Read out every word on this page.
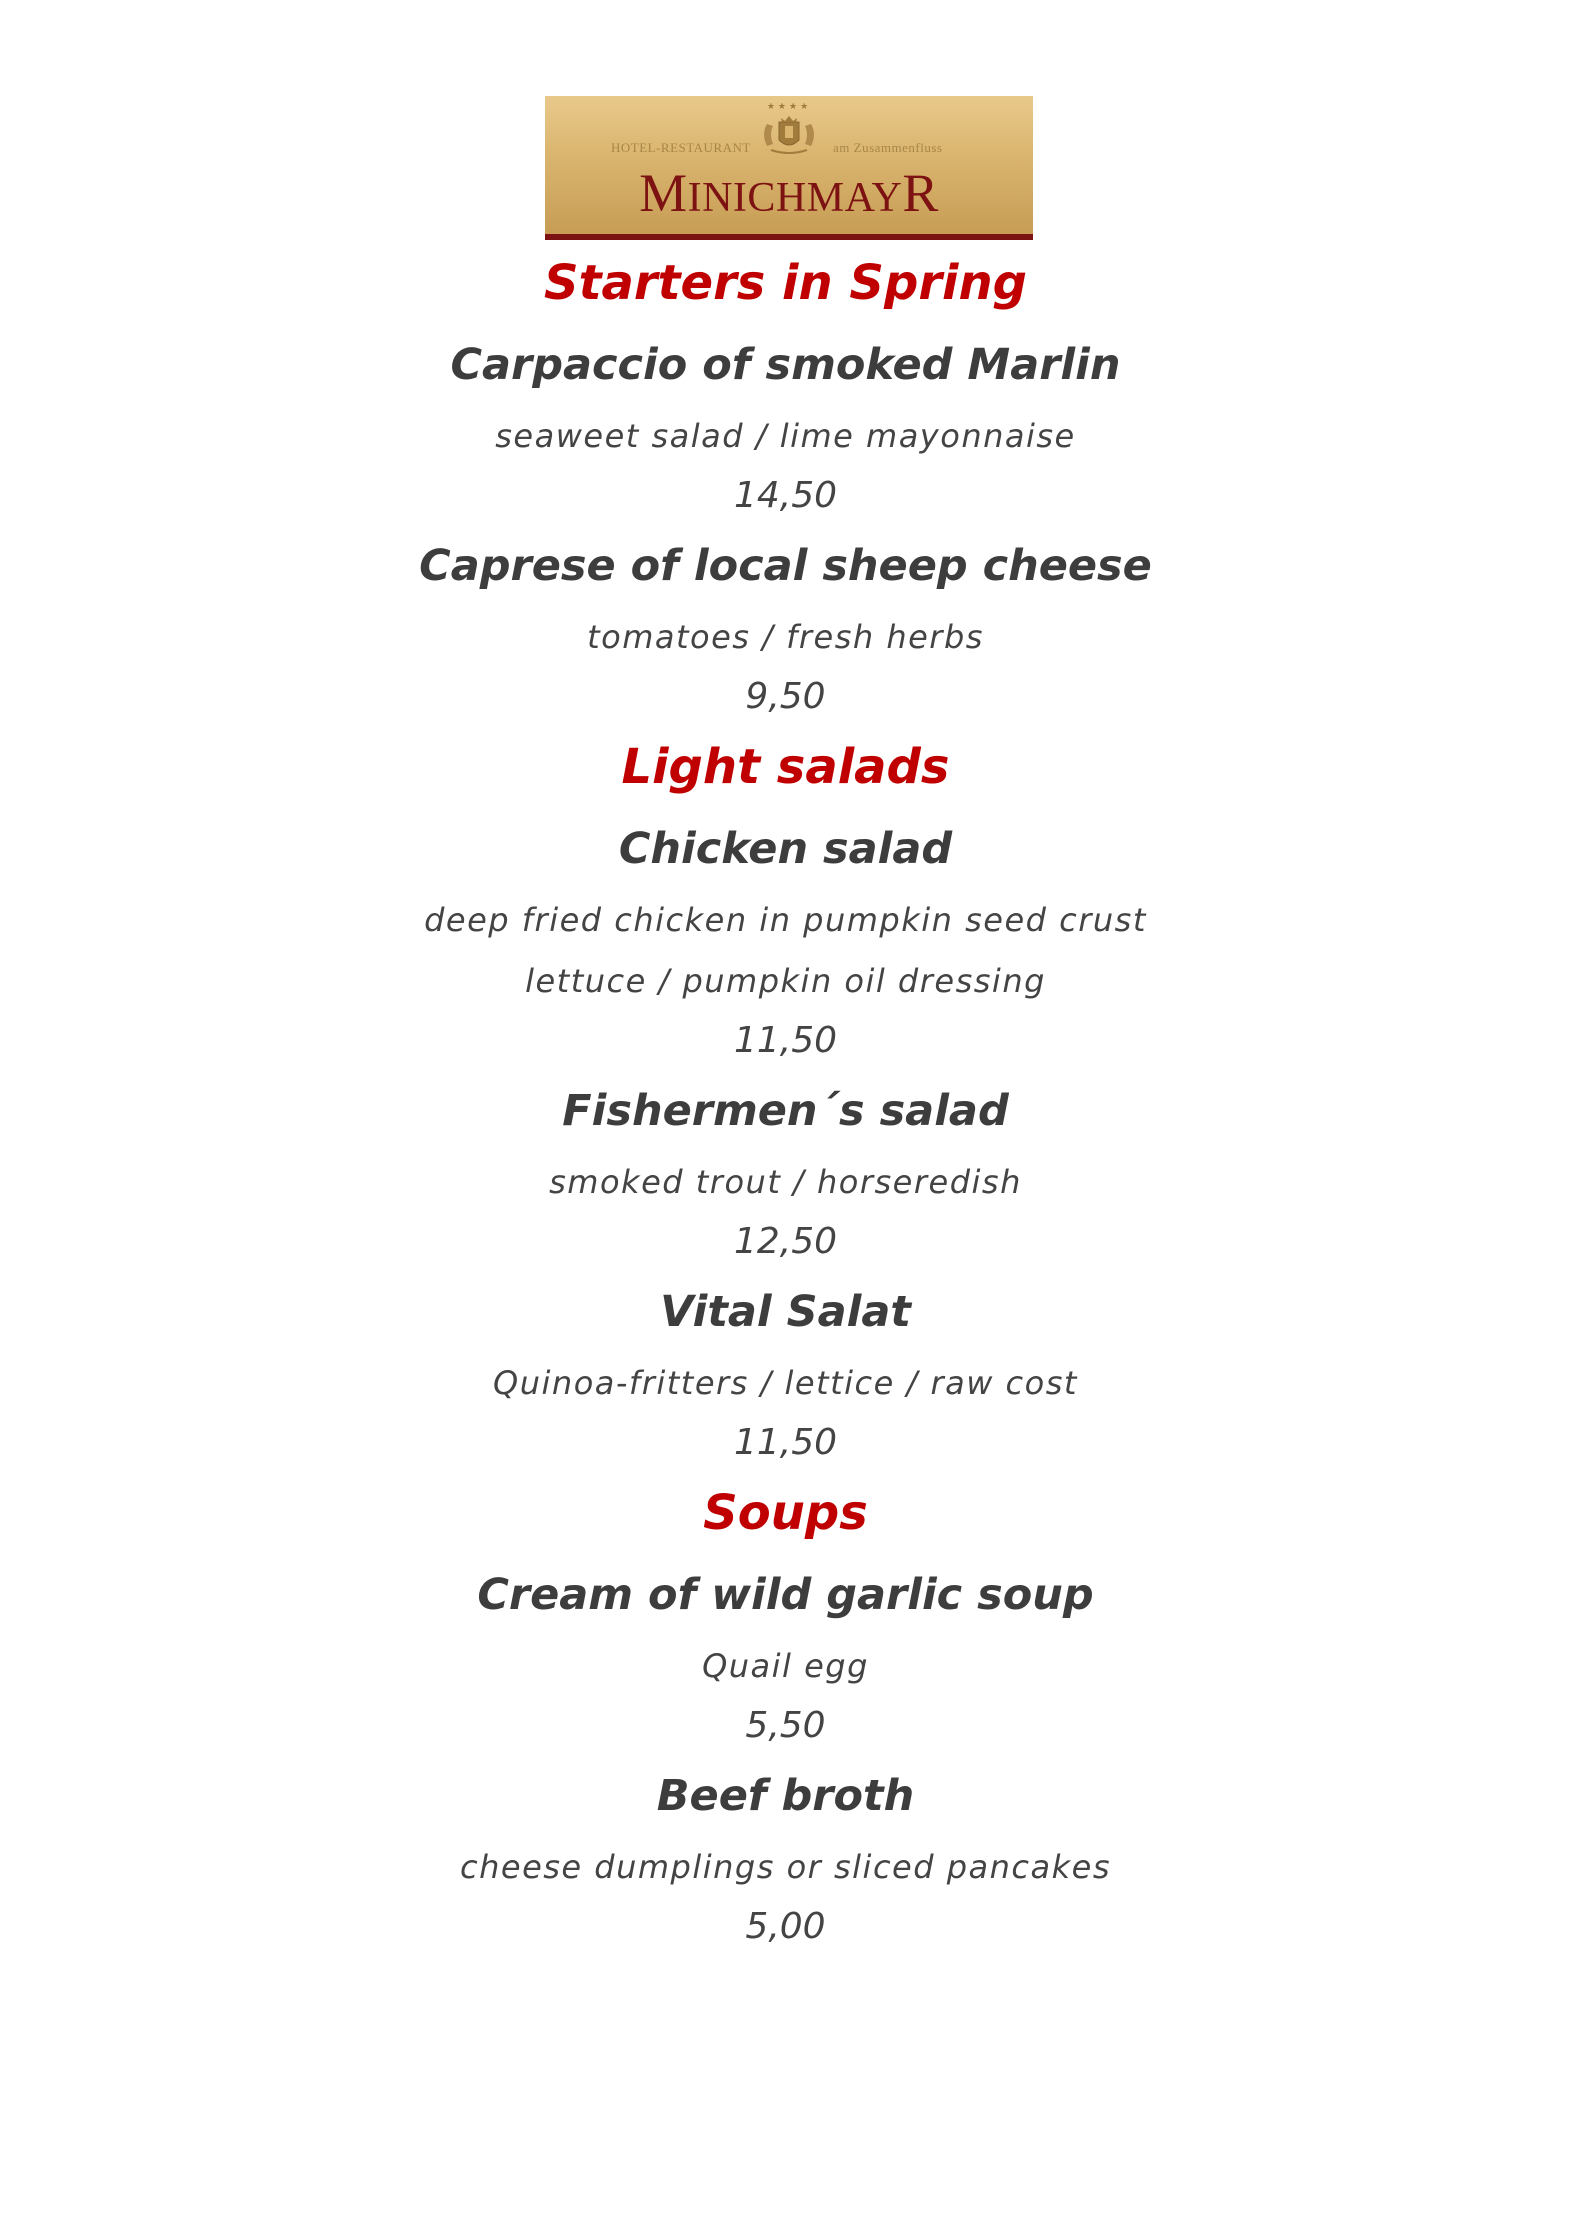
★★★★
HOTEL-RESTAURANT	am Zusammenfluss
MINICHMAYR
Starters in Spring
Carpaccio of smoked Marlin
seaweet salad / lime mayonnaise
14,50
Caprese of local sheep cheese
tomatoes / fresh herbs
9,50
Light salads
Chicken salad
deep fried chicken in pumpkin seed crust
lettuce / pumpkin oil dressing
11,50
Fishermen´s salad
smoked trout / horseredish
12,50
Vital Salat
Quinoa-fritters / lettice / raw cost
11,50
Soups
Cream of wild garlic soup
Quail egg
5,50
Beef broth
cheese dumplings or sliced pancakes
5,00
